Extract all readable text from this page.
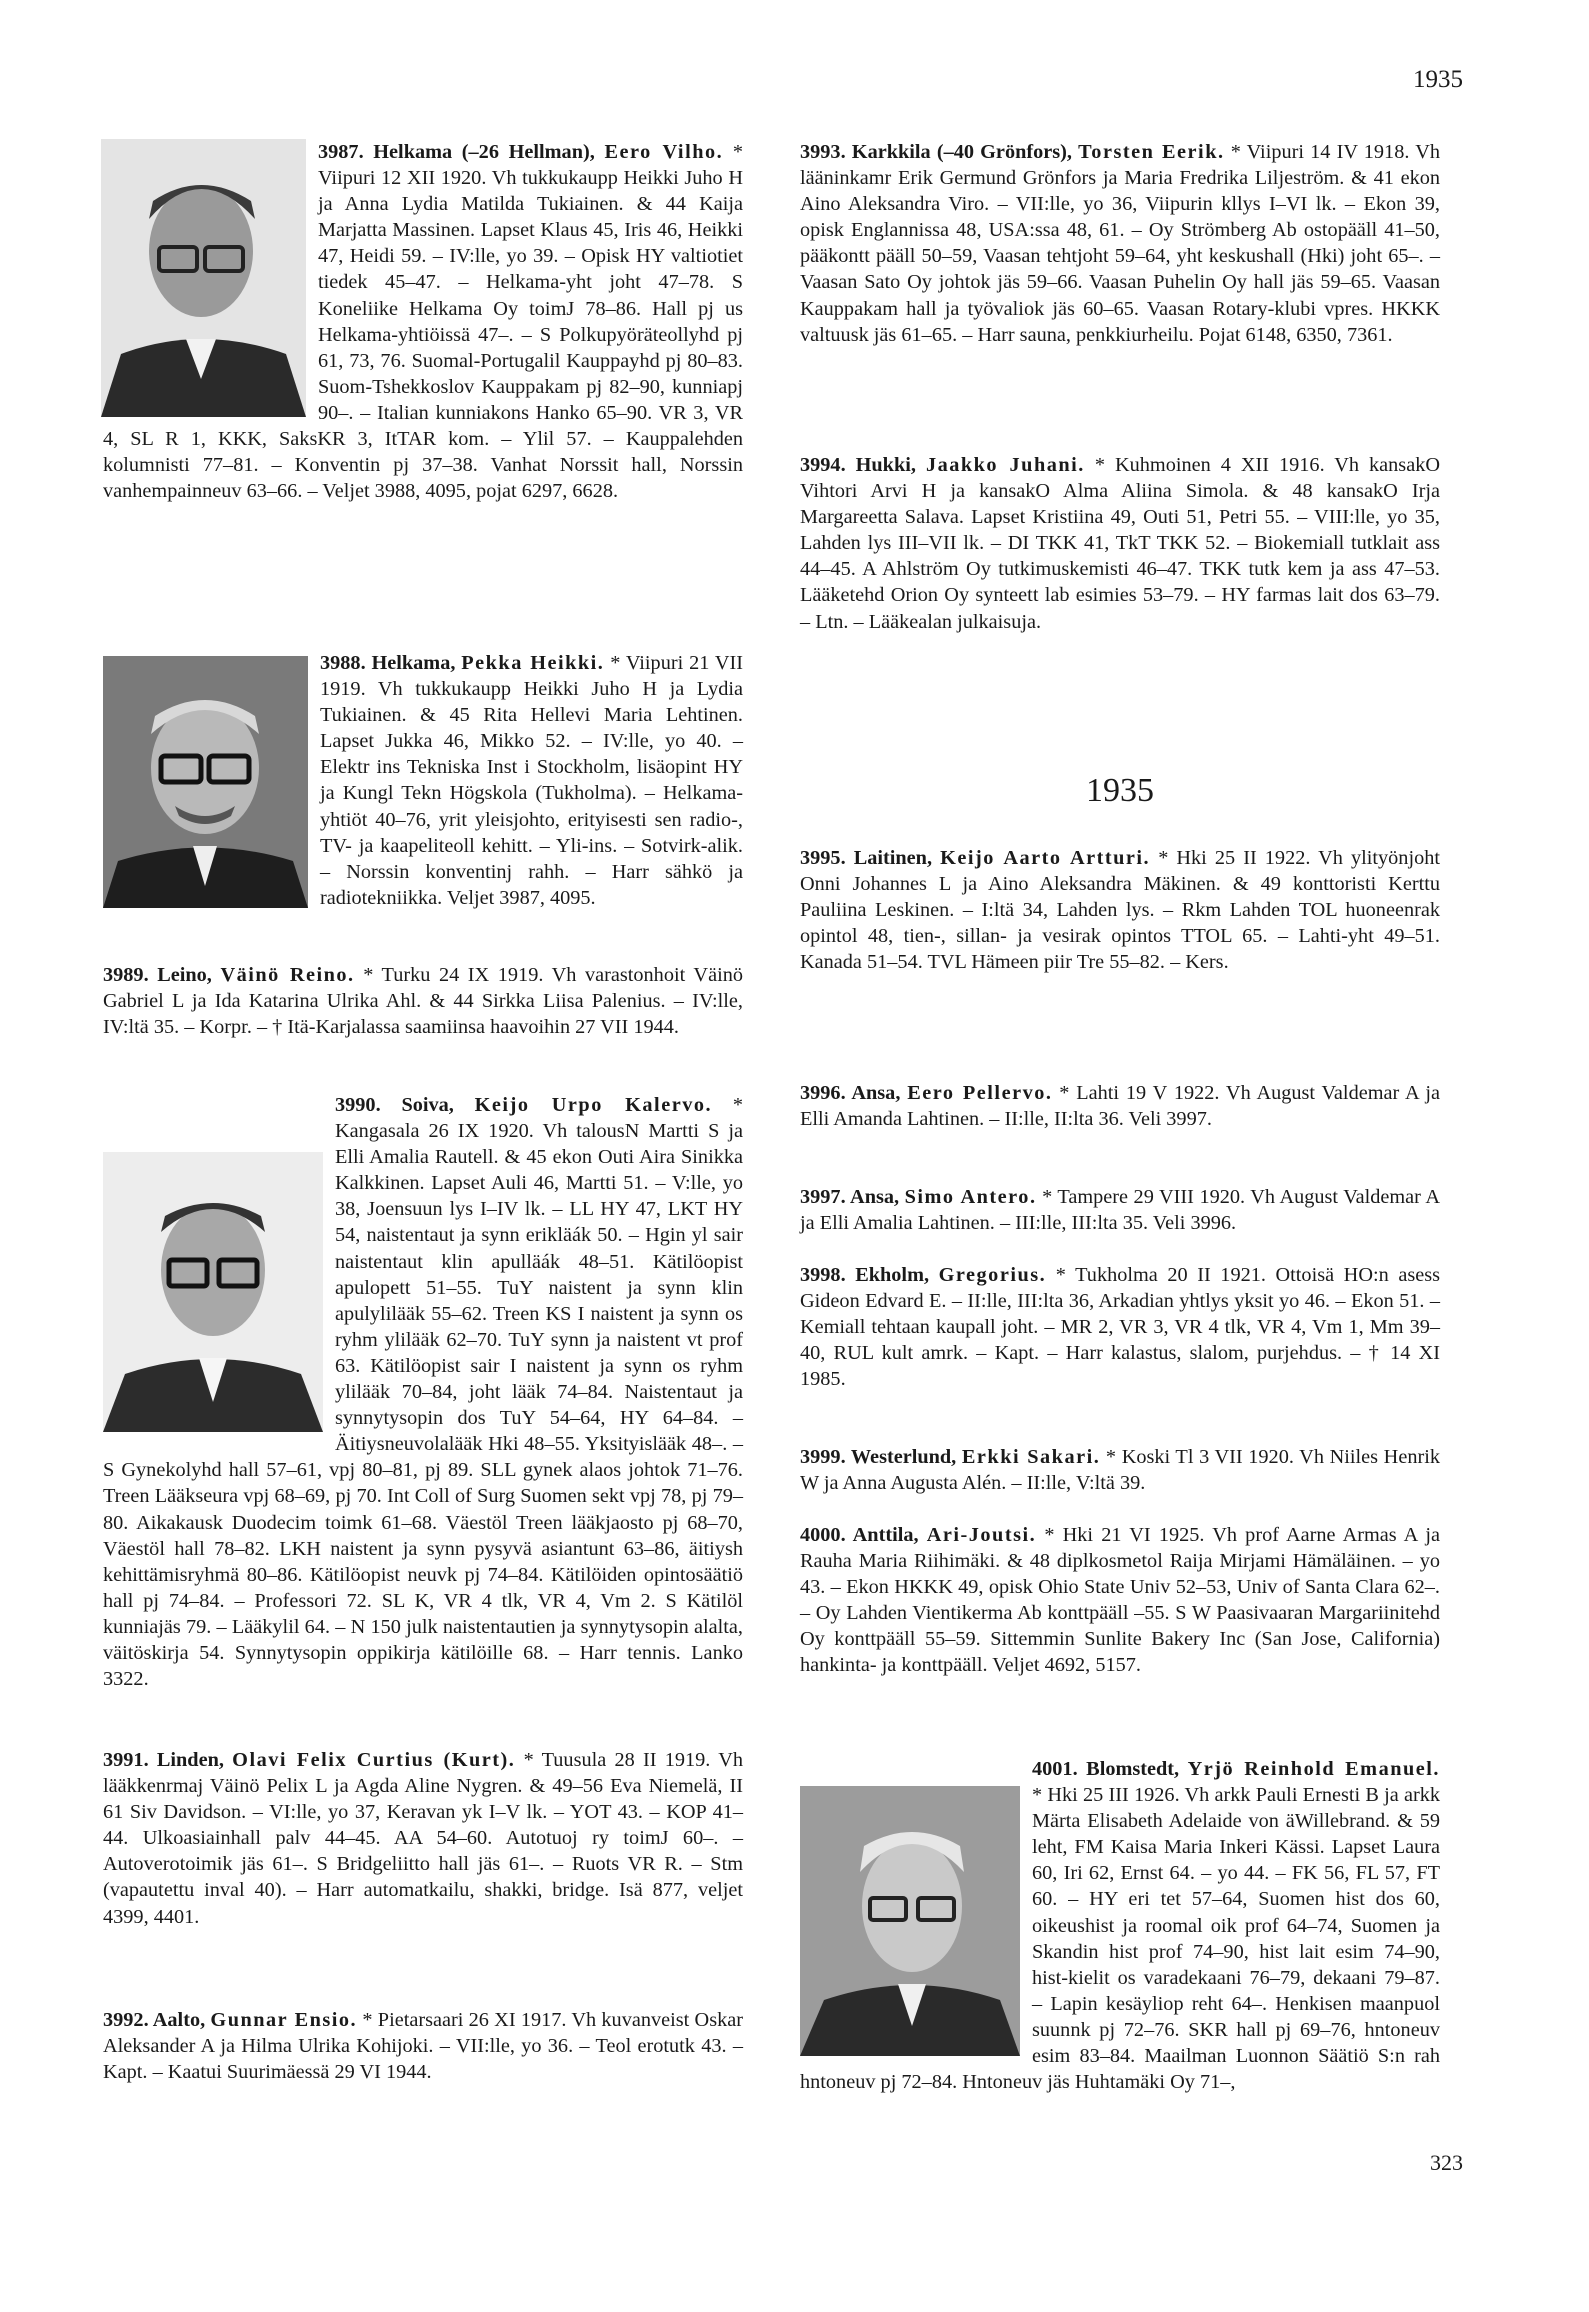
1935
3987. Helkama (–26 Hellman), Eero Vilho. * Viipuri 12 XII 1920. Vh tukkukaupp Heikki Juho H ja Anna Lydia Matilda Tukiainen. & 44 Kaija Marjatta Massinen. Lapset Klaus 45, Iris 46, Heikki 47, Heidi 59. – IV:lle, yo 39. – Opisk HY valtiotiet tiedek 45–47. – Helkama-yht joht 47–78. S Koneliike Helkama Oy toimJ 78–86. Hall pj us Helkama-yhtiöissä 47–. – S Polkupyöräteollyhd pj 61, 73, 76. Suomal-Portugalil Kauppayhd pj 80–83. Suom-Tshekkoslov Kauppakam pj 82–90, kunniapj 90–. – Italian kunniakons Hanko 65–90. VR 3, VR 4, SL R 1, KKK, SaksKR 3, ItTAR kom. – Ylil 57. – Kauppalehden kolumnisti 77–81. – Konventin pj 37–38. Vanhat Norssit hall, Norssin vanhempainneuv 63–66. – Veljet 3988, 4095, pojat 6297, 6628.
3988. Helkama, Pekka Heikki. * Viipuri 21 VII 1919. Vh tukkukaupp Heikki Juho H ja Lydia Tukiainen. & 45 Rita Hellevi Maria Lehtinen. Lapset Jukka 46, Mikko 52. – IV:lle, yo 40. – Elektr ins Tekniska Inst i Stockholm, lisäopint HY ja Kungl Tekn Högskola (Tukholma). – Helkama-yhtiöt 40–76, yrit yleisjohto, erityisesti sen radio-, TV- ja kaapeliteoll kehitt. – Yli-ins. – Sotvirk-alik. – Norssin konventinj rahh. – Harr sähkö ja radiotekniikka. Veljet 3987, 4095.
3989. Leino, Väinö Reino. * Turku 24 IX 1919. Vh varastonhoit Väinö Gabriel L ja Ida Katarina Ulrika Ahl. & 44 Sirkka Liisa Palenius. – IV:lle, IV:ltä 35. – Korpr. – † Itä-Karjalassa saamiinsa haavoihin 27 VII 1944.
3990. Soiva, Keijo Urpo Kalervo. * Kangasala 26 IX 1920. Vh talousN Martti S ja Elli Amalia Rautell. & 45 ekon Outi Aira Sinikka Kalkkinen. Lapset Auli 46, Martti 51. – V:lle, yo 38, Joensuun lys I–IV lk. – LL HY 47, LKT HY 54, naistentaut ja synn erikläák 50. – Hgin yl sair naistentaut klin apulläák 48–51. Kätilöopist apulopett 51–55. TuY naistent ja synn klin apulylilääk 55–62. Treen KS I naistent ja synn os ryhm ylilääk 62–70. TuY synn ja naistent vt prof 63. Kätilöopist sair I naistent ja synn os ryhm ylilääk 70–84, joht lääk 74–84. Naistentaut ja synnytysopin dos TuY 54–64, HY 64–84. – Äitiysneuvolalääk Hki 48–55. Yksityislääk 48–. – S Gynekolyhd hall 57–61, vpj 80–81, pj 89. SLL gynek alaos johtok 71–76. Treen Lääkseura vpj 68–69, pj 70. Int Coll of Surg Suomen sekt vpj 78, pj 79–80. Aikakausk Duodecim toimk 61–68. Väestöl Treen lääkjaosto pj 68–70, Väestöl hall 78–82. LKH naistent ja synn pysyvä asiantunt 63–86, äitiysh kehittämisryhmä 80–86. Kätilöopist neuvk pj 74–84. Kätilöiden opintosäätiö hall pj 74–84. – Professori 72. SL K, VR 4 tlk, VR 4, Vm 2. S Kätilöl kunniajäs 79. – Lääkylil 64. – N 150 julk naistentautien ja synnytysopin alalta, väitöskirja 54. Synnytysopin oppikirja kätilöille 68. – Harr tennis. Lanko 3322.
3991. Linden, Olavi Felix Curtius (Kurt). * Tuusula 28 II 1919. Vh lääkkenrmaj Väinö Pelix L ja Agda Aline Nygren. & 49–56 Eva Niemelä, II 61 Siv Davidson. – VI:lle, yo 37, Keravan yk I–V lk. – YOT 43. – KOP 41–44. Ulkoasiainhall palv 44–45. AA 54–60. Autotuoj ry toimJ 60–. – Autoverotoimik jäs 61–. S Bridgeliitto hall jäs 61–. – Ruots VR R. – Stm (vapautettu inval 40). – Harr automatkailu, shakki, bridge. Isä 877, veljet 4399, 4401.
3992. Aalto, Gunnar Ensio. * Pietarsaari 26 XI 1917. Vh kuvanveist Oskar Aleksander A ja Hilma Ulrika Kohijoki. – VII:lle, yo 36. – Teol erotutk 43. – Kapt. – Kaatui Suurimäessä 29 VI 1944.
3993. Karkkila (–40 Grönfors), Torsten Eerik. * Viipuri 14 IV 1918. Vh lääninkamr Erik Germund Grönfors ja Maria Fredrika Liljeström. & 41 ekon Aino Aleksandra Viro. – VII:lle, yo 36, Viipurin kllys I–VI lk. – Ekon 39, opisk Englannissa 48, USA:ssa 48, 61. – Oy Strömberg Ab ostopääll 41–50, pääkontt pääll 50–59, Vaasan tehtjoht 59–64, yht keskushall (Hki) joht 65–. – Vaasan Sato Oy johtok jäs 59–66. Vaasan Puhelin Oy hall jäs 59–65. Vaasan Kauppakam hall ja työvaliok jäs 60–65. Vaasan Rotary-klubi vpres. HKKK valtuusk jäs 61–65. – Harr sauna, penkkiurheilu. Pojat 6148, 6350, 7361.
3994. Hukki, Jaakko Juhani. * Kuhmoinen 4 XII 1916. Vh kansakO Vihtori Arvi H ja kansakO Alma Aliina Simola. & 48 kansakO Irja Margareetta Salava. Lapset Kristiina 49, Outi 51, Petri 55. – VIII:lle, yo 35, Lahden lys III–VII lk. – DI TKK 41, TkT TKK 52. – Biokemiall tutklait ass 44–45. A Ahlström Oy tutkimuskemisti 46–47. TKK tutk kem ja ass 47–53. Lääketehd Orion Oy synteett lab esimies 53–79. – HY farmas lait dos 63–79. – Ltn. – Lääkealan julkaisuja.
1935
3995. Laitinen, Keijo Aarto Artturi. * Hki 25 II 1922. Vh ylityönjoht Onni Johannes L ja Aino Aleksandra Mäkinen. & 49 konttoristi Kerttu Pauliina Leskinen. – I:ltä 34, Lahden lys. – Rkm Lahden TOL huoneenrak opintol 48, tien-, sillan- ja vesirak opintos TTOL 65. – Lahti-yht 49–51. Kanada 51–54. TVL Hämeen piir Tre 55–82. – Kers.
3996. Ansa, Eero Pellervo. * Lahti 19 V 1922. Vh August Valdemar A ja Elli Amanda Lahtinen. – II:lle, II:lta 36. Veli 3997.
3997. Ansa, Simo Antero. * Tampere 29 VIII 1920. Vh August Valdemar A ja Elli Amalia Lahtinen. – III:lle, III:lta 35. Veli 3996.
3998. Ekholm, Gregorius. * Tukholma 20 II 1921. Ottoisä HO:n asess Gideon Edvard E. – II:lle, III:lta 36, Arkadian yhtlys yksit yo 46. – Ekon 51. – Kemiall tehtaan kaupall joht. – MR 2, VR 3, VR 4 tlk, VR 4, Vm 1, Mm 39–40, RUL kult amrk. – Kapt. – Harr kalastus, slalom, purjehdus. – † 14 XI 1985.
3999. Westerlund, Erkki Sakari. * Koski Tl 3 VII 1920. Vh Niiles Henrik W ja Anna Augusta Alén. – II:lle, V:ltä 39.
4000. Anttila, Ari-Joutsi. * Hki 21 VI 1925. Vh prof Aarne Armas A ja Rauha Maria Riihimäki. & 48 diplkosmetol Raija Mirjami Hämäläinen. – yo 43. – Ekon HKKK 49, opisk Ohio State Univ 52–53, Univ of Santa Clara 62–. – Oy Lahden Vientikerma Ab konttpääll –55. S W Paasivaaran Margariinitehd Oy konttpääll 55–59. Sittemmin Sunlite Bakery Inc (San Jose, California) hankinta- ja konttpääll. Veljet 4692, 5157.
4001. Blomstedt, Yrjö Reinhold Emanuel. * Hki 25 III 1926. Vh arkk Pauli Ernesti B ja arkk Märta Elisabeth Adelaide von äWillebrand. & 59 leht, FM Kaisa Maria Inkeri Kässi. Lapset Laura 60, Iri 62, Ernst 64. – yo 44. – FK 56, FL 57, FT 60. – HY eri tet 57–64, Suomen hist dos 60, oikeushist ja roomal oik prof 64–74, Suomen ja Skandin hist prof 74–90, hist lait esim 74–90, hist-kielit os varadekaani 76–79, dekaani 79–87. – Lapin kesäyliop reht 64–. Henkisen maanpuol suunnk pj 72–76. SKR hall pj 69–76, hntoneuv esim 83–84. Maailman Luonnon Säätiö S:n rah hntoneuv pj 72–84. Hntoneuv jäs Huhtamäki Oy 71–,
323
